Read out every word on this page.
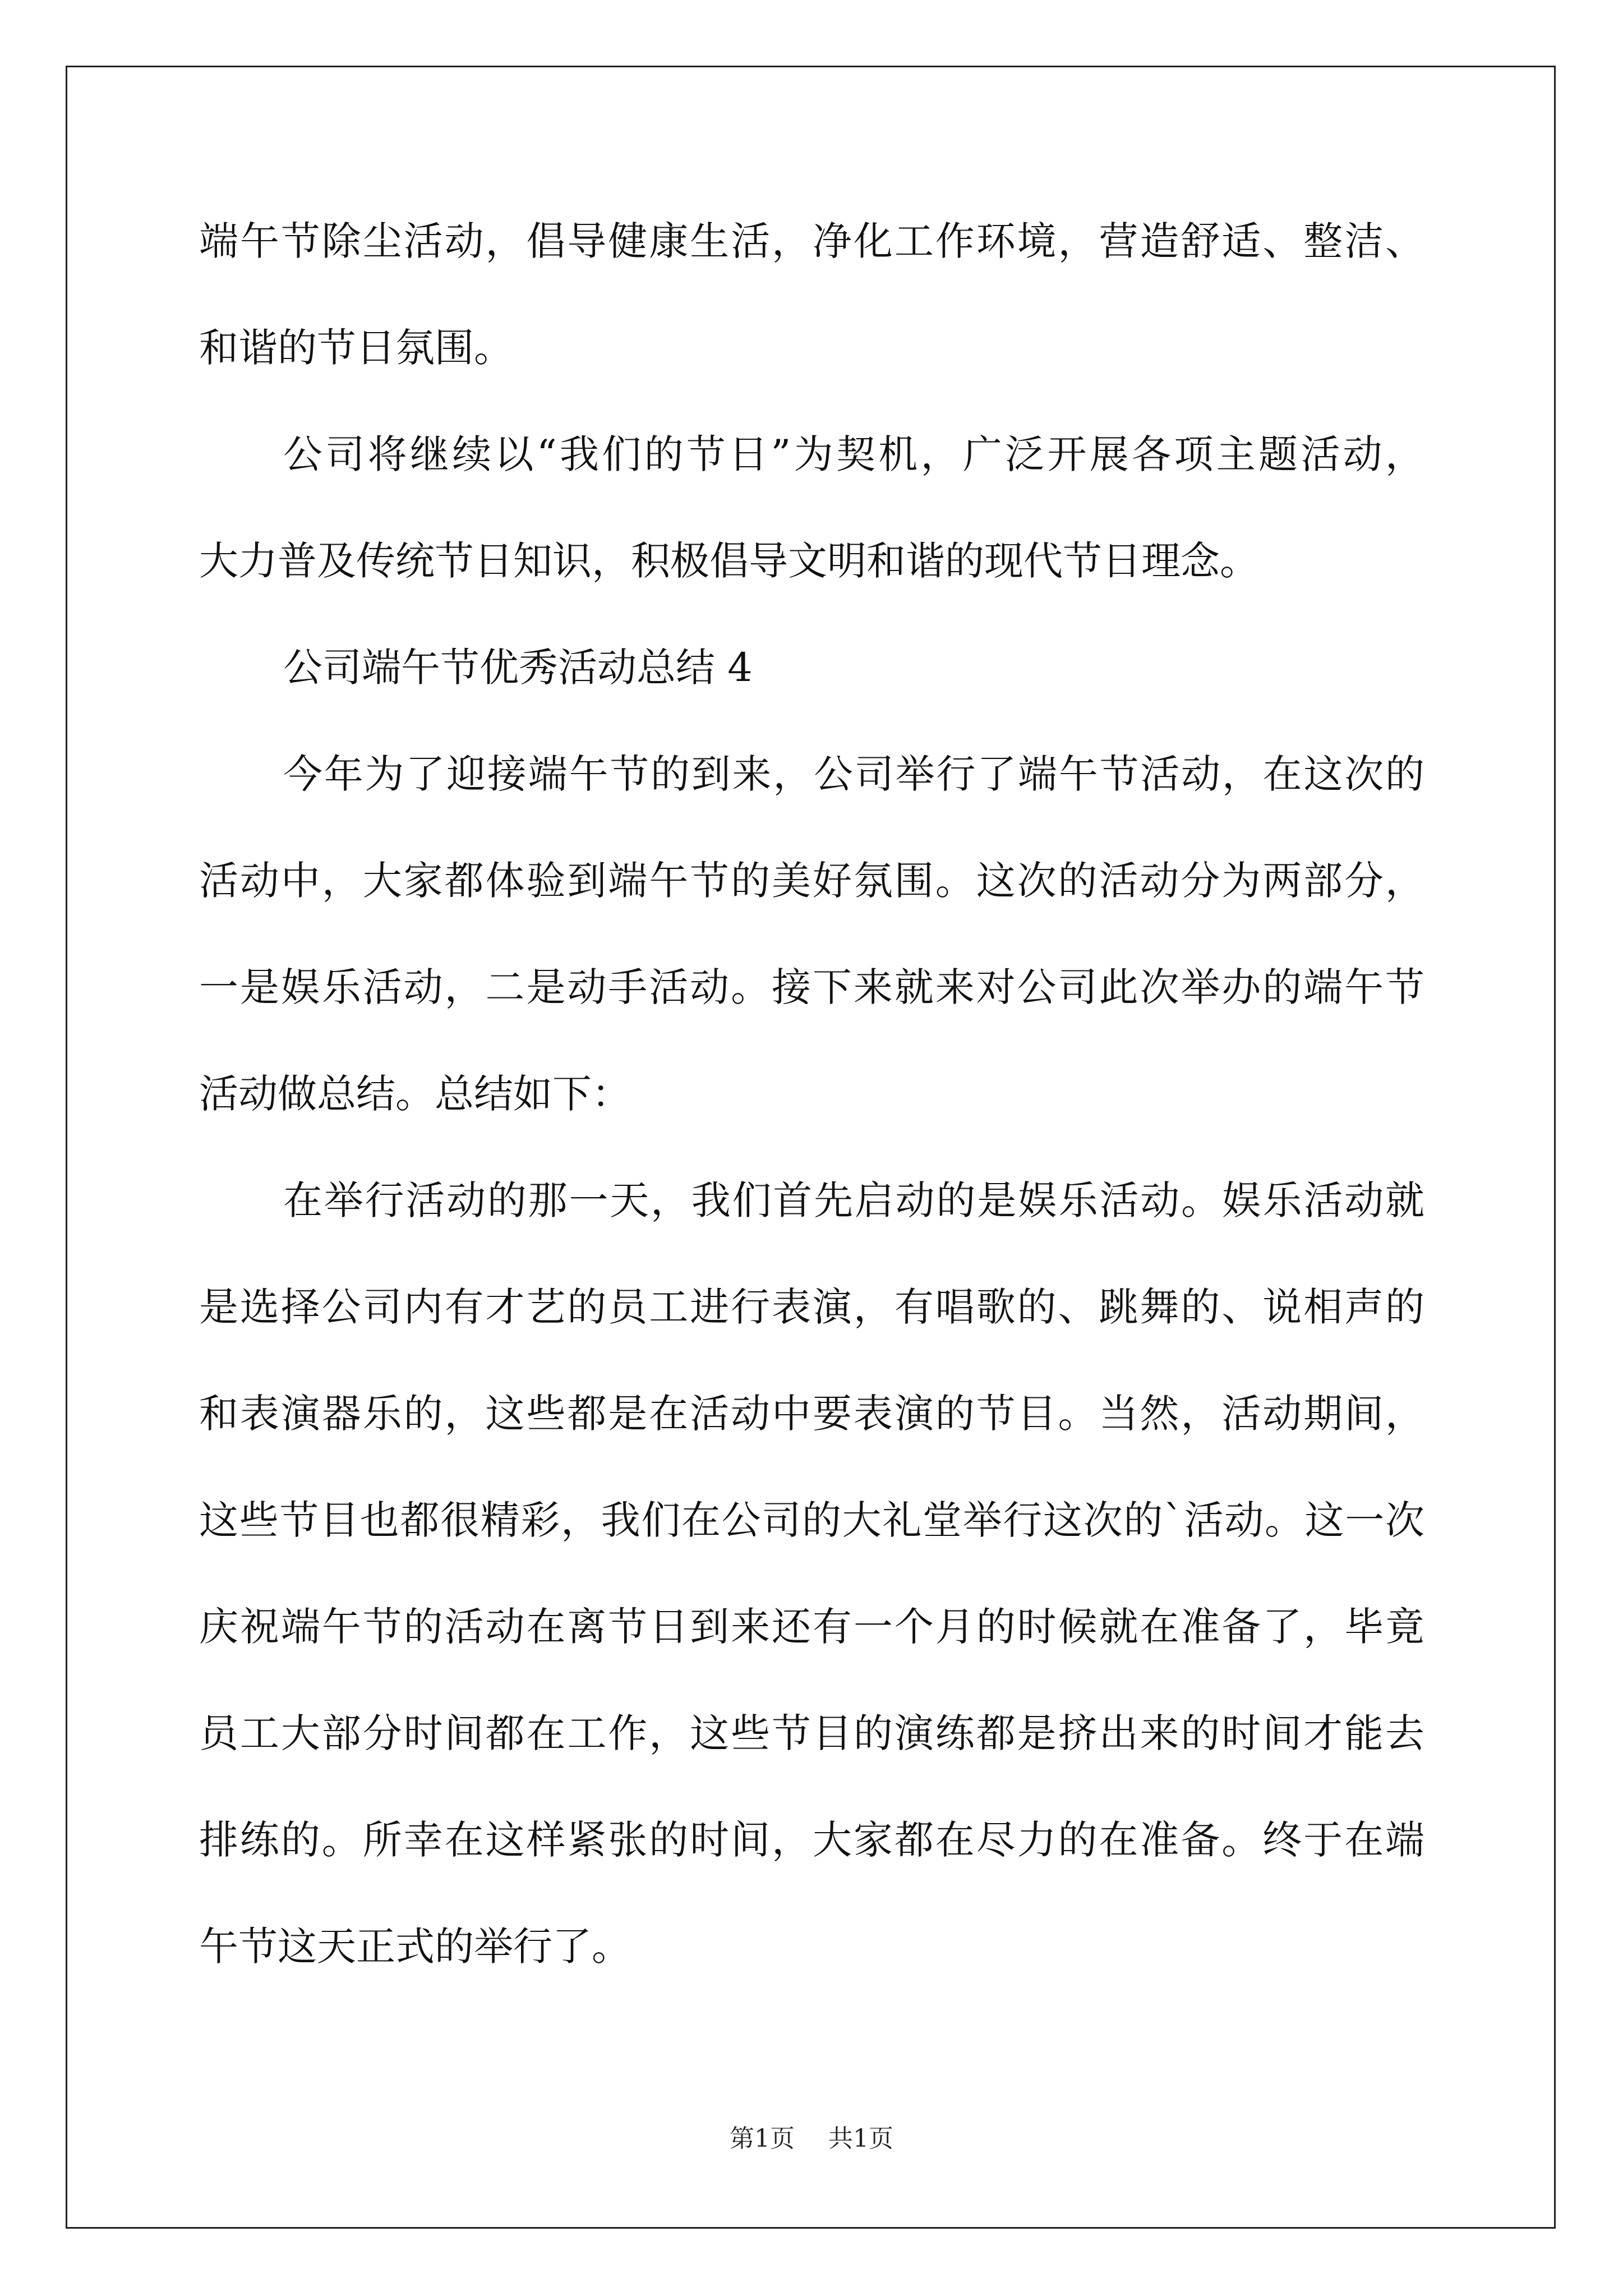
端午节除尘活动，倡导健康生活，净化工作环境，营造舒适、整洁、

和谐的节日氛围。

公司将继续以“我们的节日”为契机，广泛开展各项主题活动，

大力普及传统节日知识，积极倡导文明和谐的现代节日理念。

公司端午节优秀活动总结 4

今年为了迎接端午节的到来，公司举行了端午节活动，在这次的

活动中，大家都体验到端午节的美好氛围。这次的活动分为两部分，

一是娱乐活动，二是动手活动。接下来就来对公司此次举办的端午节

活动做总结。总结如下：

在举行活动的那一天，我们首先启动的是娱乐活动。娱乐活动就

是选择公司内有才艺的员工进行表演，有唱歌的、跳舞的、说相声的

和表演器乐的，这些都是在活动中要表演的节目。当然，活动期间，

这些节目也都很精彩，我们在公司的大礼堂举行这次的`活动。这一次

庆祝端午节的活动在离节日到来还有一个月的时候就在准备了，毕竟

员工大部分时间都在工作，这些节目的演练都是挤出来的时间才能去

排练的。所幸在这样紧张的时间，大家都在尽力的在准备。终于在端

午节这天正式的举行了。

第1页 共1页
